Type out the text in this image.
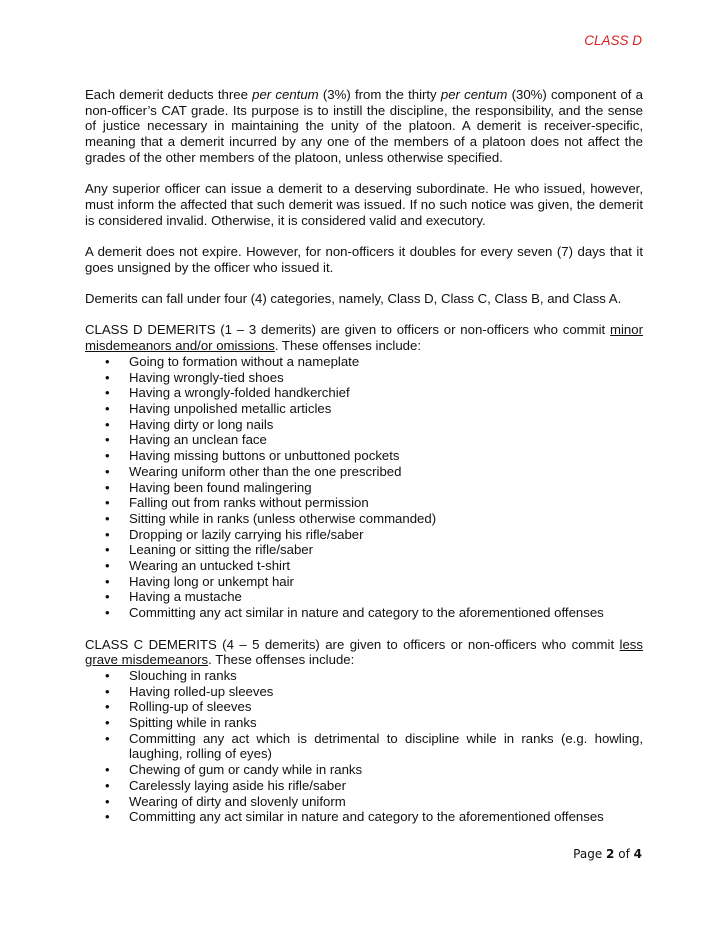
CLASS D

Each demerit deducts three per centum (3%) from the thirty per centum (30%) component of a non-officer’s CAT grade. Its purpose is to instill the discipline, the responsibility, and the sense of justice necessary in maintaining the unity of the platoon. A demerit is receiver-specific, meaning that a demerit incurred by any one of the members of a platoon does not affect the grades of the other members of the platoon, unless otherwise specified.

Any superior officer can issue a demerit to a deserving subordinate. He who issued, however, must inform the affected that such demerit was issued. If no such notice was given, the demerit is considered invalid. Otherwise, it is considered valid and executory.

A demerit does not expire. However, for non-officers it doubles for every seven (7) days that it goes unsigned by the officer who issued it.

Demerits can fall under four (4) categories, namely, Class D, Class C, Class B, and Class A.

CLASS D DEMERITS (1 – 3 demerits) are given to officers or non-officers who commit minor misdemeanors and/or omissions. These offenses include:

• Going to formation without a nameplate
• Having wrongly-tied shoes
• Having a wrongly-folded handkerchief
• Having unpolished metallic articles
• Having dirty or long nails
• Having an unclean face
• Having missing buttons or unbuttoned pockets
• Wearing uniform other than the one prescribed
• Having been found malingering
• Falling out from ranks without permission
• Sitting while in ranks (unless otherwise commanded)
• Dropping or lazily carrying his rifle/saber
• Leaning or sitting the rifle/saber
• Wearing an untucked t-shirt
• Having long or unkempt hair
• Having a mustache
• Committing any act similar in nature and category to the aforementioned offenses

CLASS C DEMERITS (4 – 5 demerits) are given to officers or non-officers who commit less grave misdemeanors. These offenses include:

• Slouching in ranks
• Having rolled-up sleeves
• Rolling-up of sleeves
• Spitting while in ranks
• Committing any act which is detrimental to discipline while in ranks (e.g. howling, laughing, rolling of eyes)
• Chewing of gum or candy while in ranks
• Carelessly laying aside his rifle/saber
• Wearing of dirty and slovenly uniform
• Committing any act similar in nature and category to the aforementioned offenses
Page 2 of 4
